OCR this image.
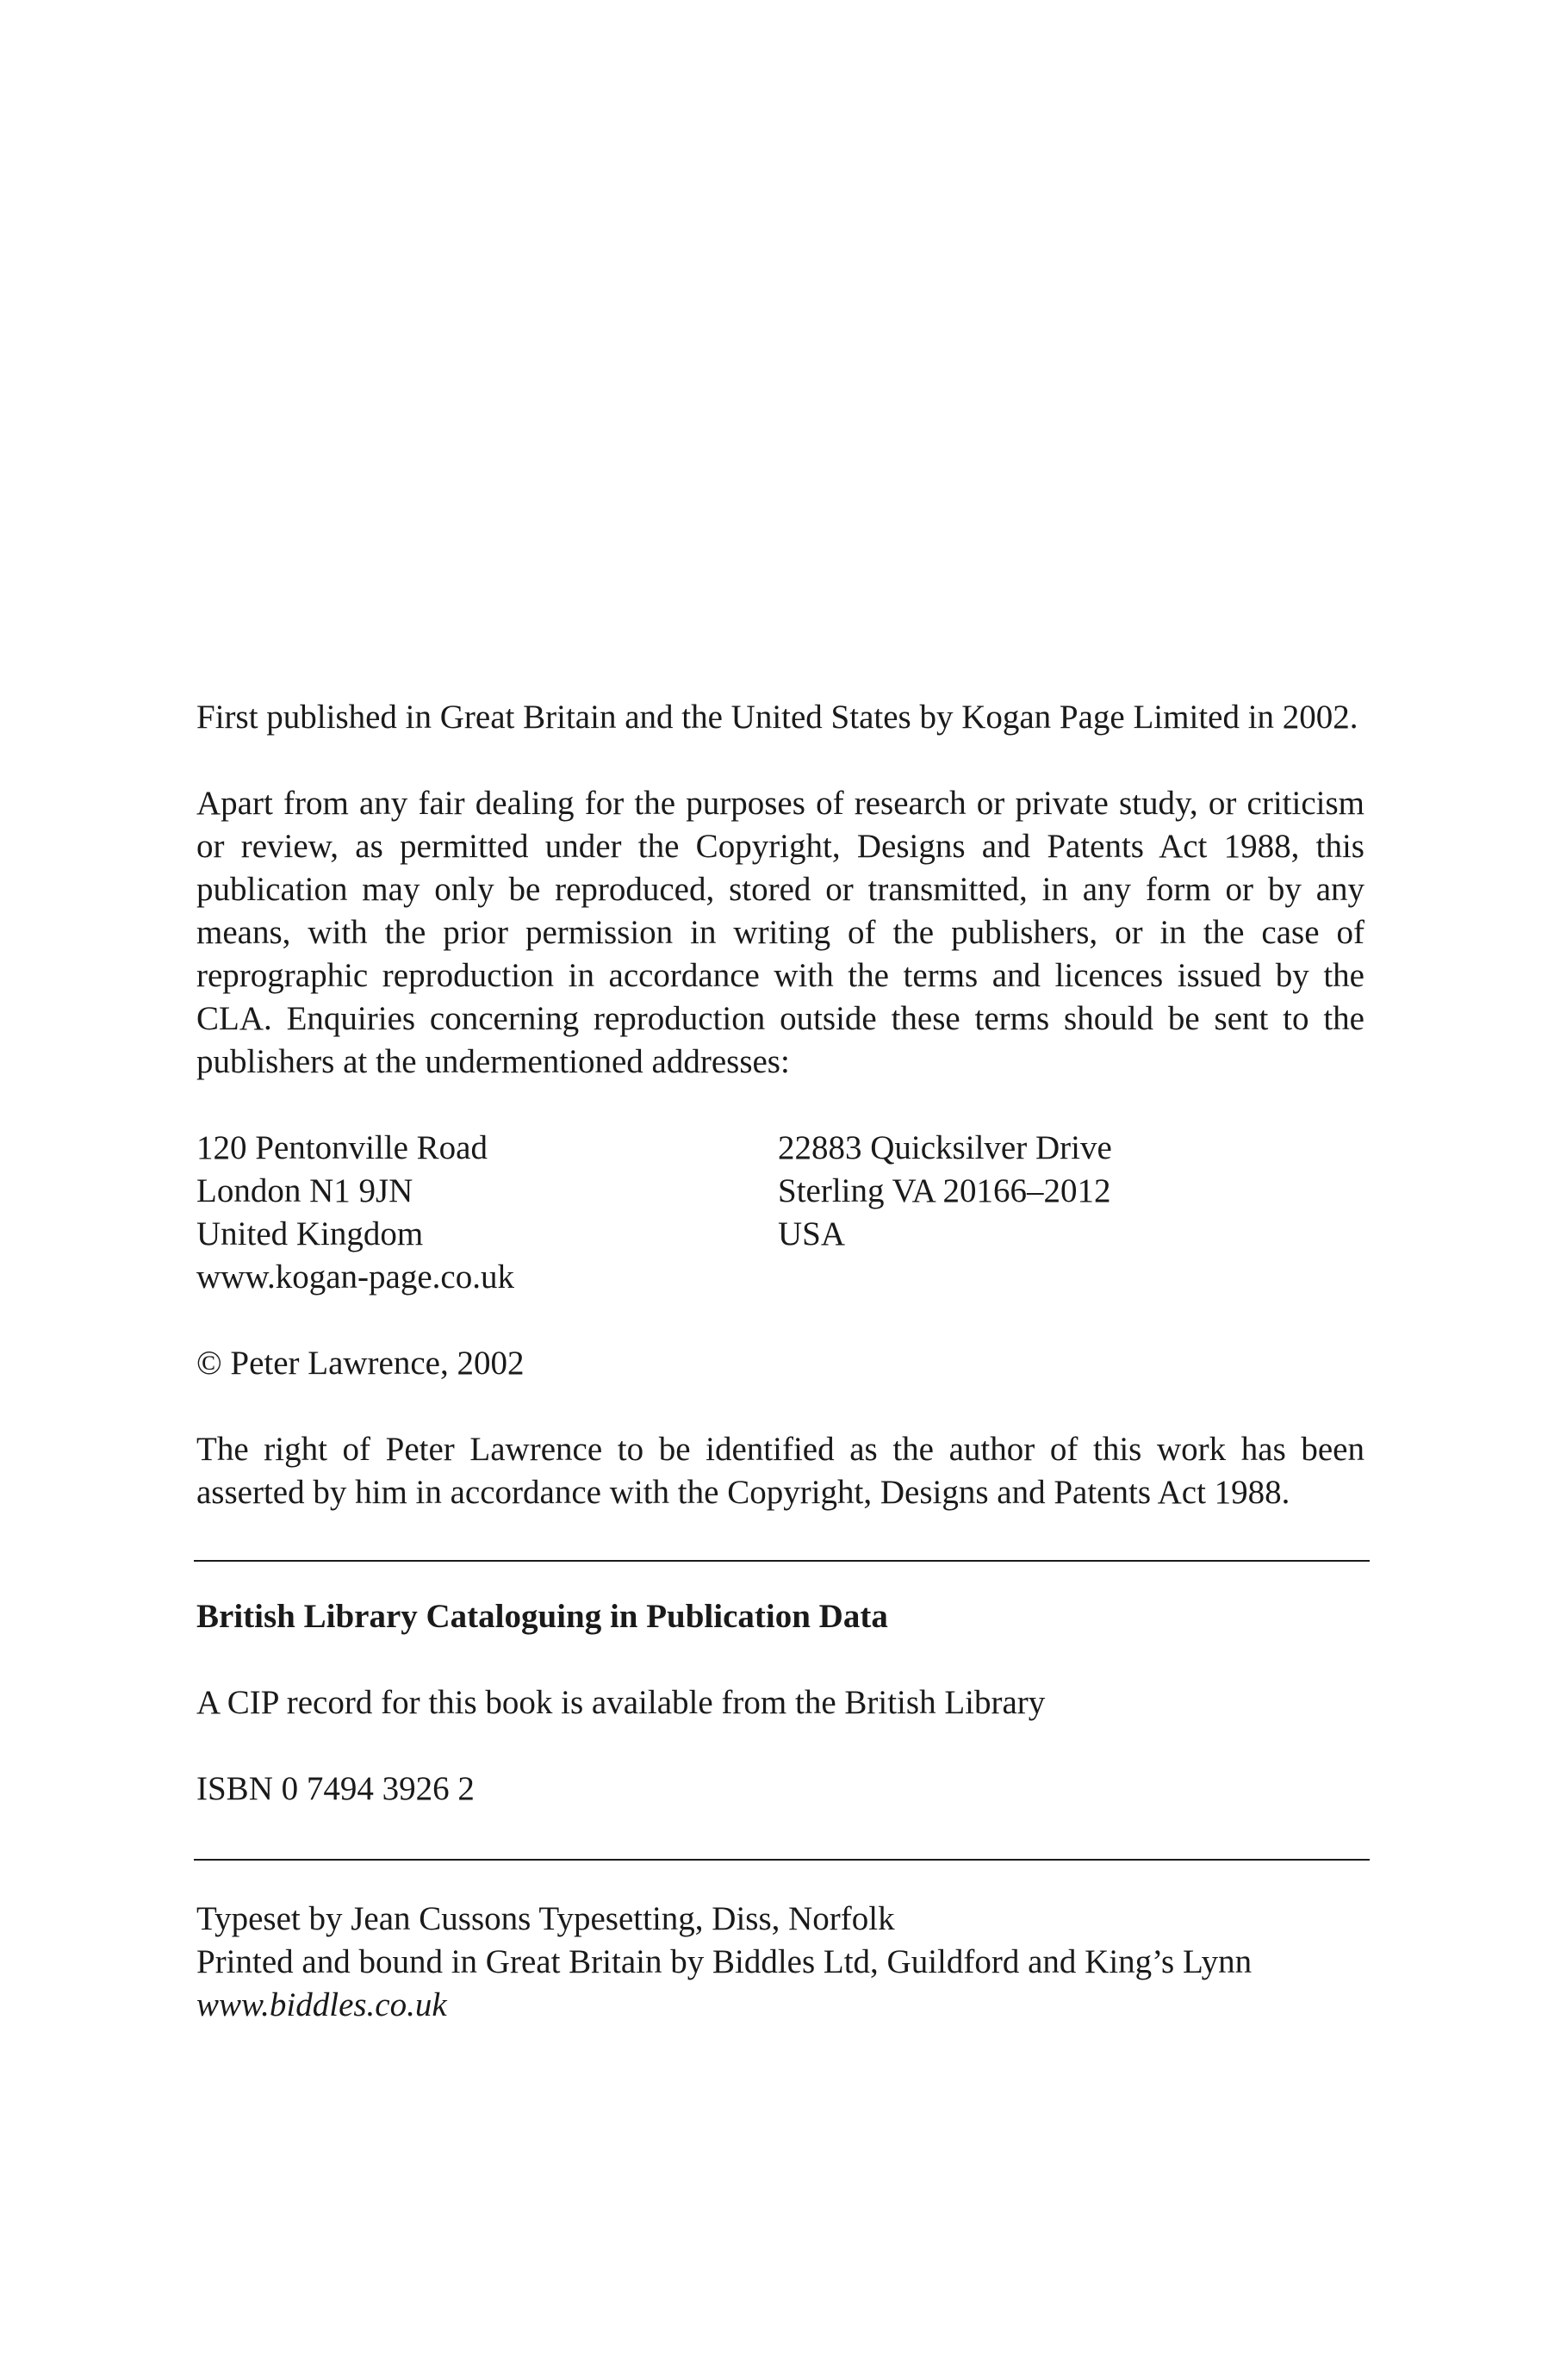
First published in Great Britain and the United States by Kogan Page Limited in 2002.

Apart from any fair dealing for the purposes of research or private study, or criticism or review, as permitted under the Copyright, Designs and Patents Act 1988, this publication may only be reproduced, stored or transmitted, in any form or by any means, with the prior permission in writing of the publishers, or in the case of reprographic reproduction in accordance with the terms and licences issued by the CLA. Enquiries concerning reproduction outside these terms should be sent to the publishers at the undermentioned addresses:

120 Pentonville Road
London N1 9JN
United Kingdom
www.kogan-page.co.uk
22883 Quicksilver Drive
Sterling VA 20166–2012
USA

© Peter Lawrence, 2002

The right of Peter Lawrence to be identified as the author of this work has been asserted by him in accordance with the Copyright, Designs and Patents Act 1988.

British Library Cataloguing in Publication Data

A CIP record for this book is available from the British Library

ISBN 0 7494 3926 2

Typeset by Jean Cussons Typesetting, Diss, Norfolk

Printed and bound in Great Britain by Biddles Ltd, Guildford and King’s Lynn

www.biddles.co.uk
